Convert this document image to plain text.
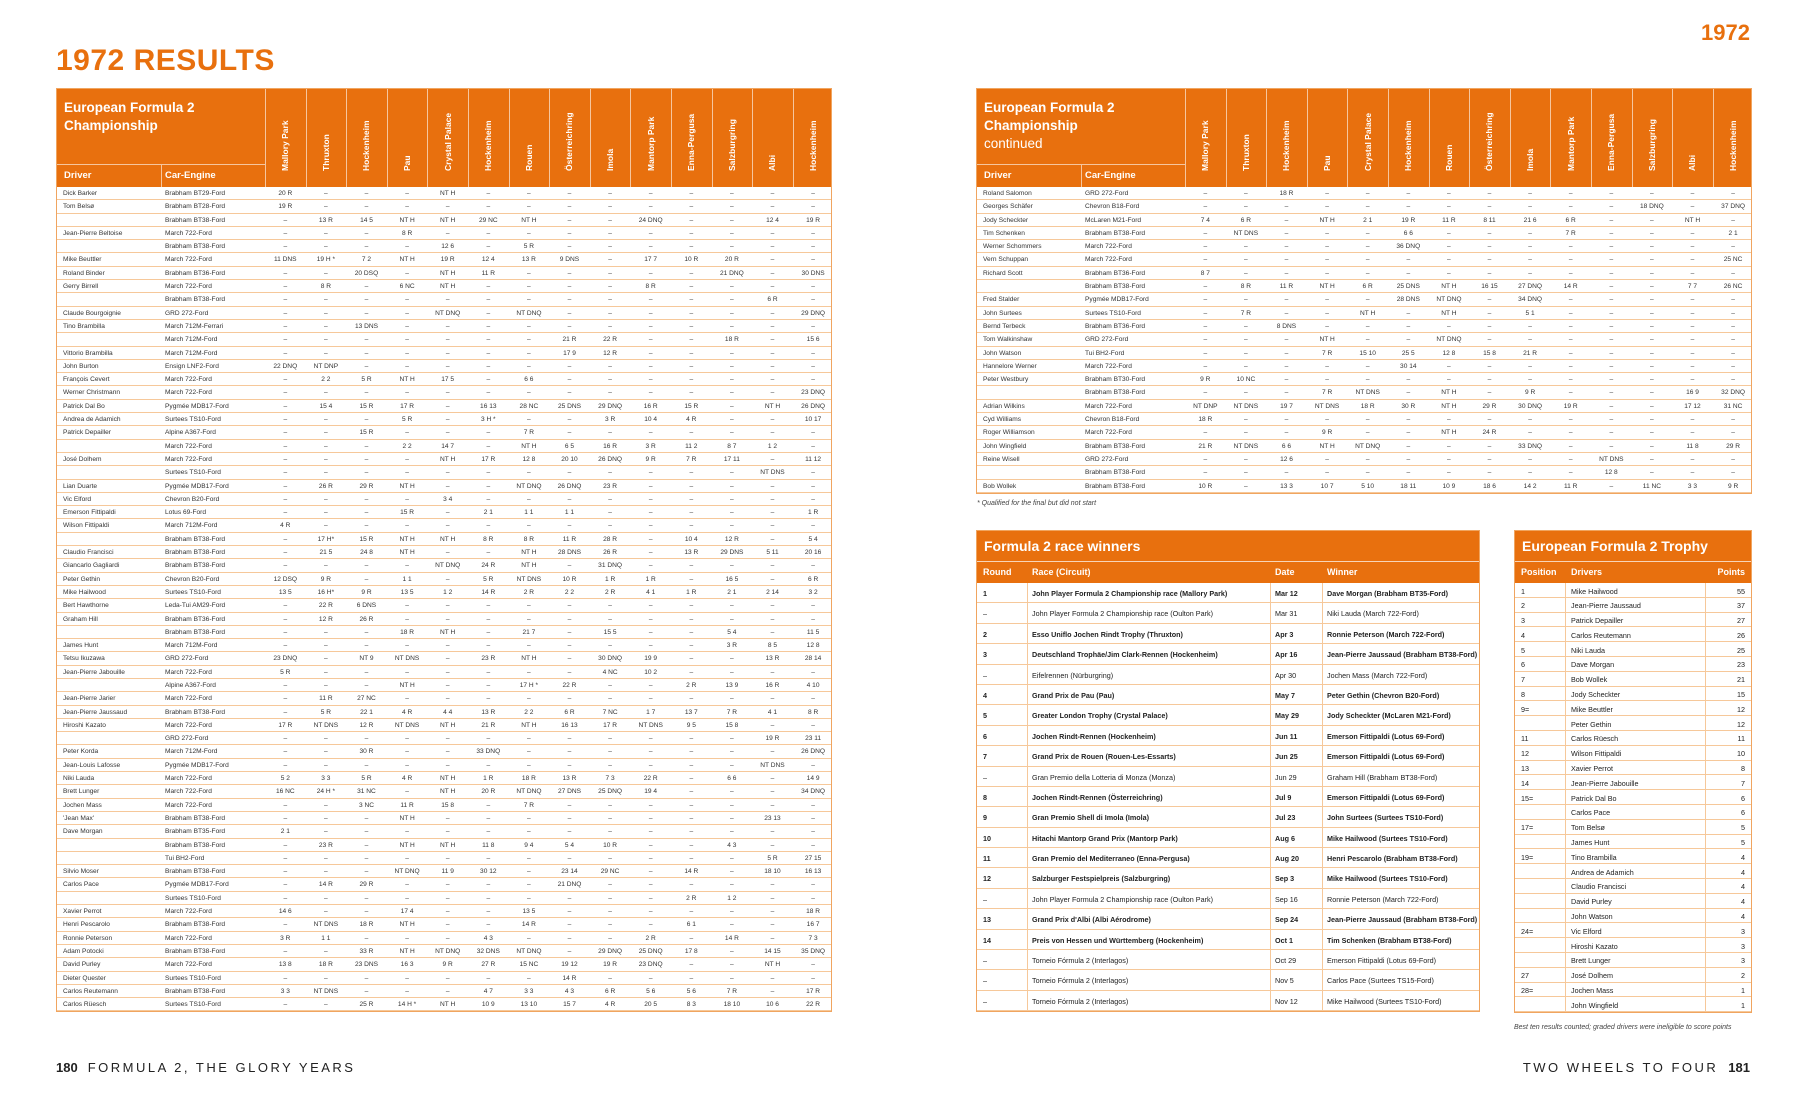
1972 RESULTS
1972
European Formula 2
Championship
Driver	Car-Engine
Mallory Park	Thruxton	Hockenheim	Pau	Crystal Palace	Hockenheim	Rouen	Österreichring	Imola	Mantorp Park	Enna-Pergusa	Salzburgring	Albi	Hockenheim
Dick Barker	Brabham BT29-Ford	20 R	–	–	–	NT H	–	–	–	–	–	–	–	–	–
Tom Belsø	Brabham BT28-Ford	19 R	–	–	–	–	–	–	–	–	–	–	–	–	–
Brabham BT38-Ford	–	13 R	14 5	NT H	NT H	29 NC	NT H	–	–	24 DNQ	–	–	12 4	19 R
Jean-Pierre Beltoise	March 722-Ford	–	–	–	8 R	–	–	–	–	–	–	–	–	–	–
Brabham BT38-Ford	–	–	–	–	12 6	–	5 R	–	–	–	–	–	–	–
Mike Beuttler	March 722-Ford	11 DNS	19 H *	7 2	NT H	19 R	12 4	13 R	9 DNS	–	17 7	10 R	20 R	–	–
Roland Binder	Brabham BT36-Ford	–	–	20 DSQ	–	NT H	11 R	–	–	–	–	–	21 DNQ	–	30 DNS
Gerry Birrell	March 722-Ford	–	8 R	–	6 NC	NT H	–	–	–	–	8 R	–	–	–	–
Brabham BT38-Ford	–	–	–	–	–	–	–	–	–	–	–	–	6 R	–
Claude Bourgoignie	GRD 272-Ford	–	–	–	–	NT DNQ	–	NT DNQ	–	–	–	–	–	–	29 DNQ
Tino Brambilla	March 712M-Ferrari	–	–	13 DNS	–	–	–	–	–	–	–	–	–	–	–
March 712M-Ford	–	–	–	–	–	–	–	21 R	22 R	–	–	18 R	–	15 6
Vittorio Brambilla	March 712M-Ford	–	–	–	–	–	–	–	17 9	12 R	–	–	–	–	–
John Burton	Ensign LNF2-Ford	22 DNQ	NT DNP	–	–	–	–	–	–	–	–	–	–	–	–
François Cevert	March 722-Ford	–	2 2	5 R	NT H	17 5	–	6 6	–	–	–	–	–	–	–
Werner Christmann	March 722-Ford	–	–	–	–	–	–	–	–	–	–	–	–	–	23 DNQ
Patrick Dal Bo	Pygmée MDB17-Ford	–	15 4	15 R	17 R	–	16 13	28 NC	25 DNS	29 DNQ	16 R	15 R	–	NT H	26 DNQ
Andrea de Adamich	Surtees TS10-Ford	–	–	–	5 R	–	3 H *	–	–	3 R	10 4	4 R	–	–	10 17
Patrick Depailler	Alpine A367-Ford	–	–	15 R	–	–	–	7 R	–	–	–	–	–	–	–
March 722-Ford	–	–	–	2 2	14 7	–	NT H	6 5	16 R	3 R	11 2	8 7	1 2	–
José Dolhem	March 722-Ford	–	–	–	–	NT H	17 R	12 8	20 10	26 DNQ	9 R	7 R	17 11	–	11 12
Surtees TS10-Ford	–	–	–	–	–	–	–	–	–	–	–	–	NT DNS	–
Lian Duarte	Pygmée MDB17-Ford	–	26 R	29 R	NT H	–	–	NT DNQ	26 DNQ	23 R	–	–	–	–	–
Vic Elford	Chevron B20-Ford	–	–	–	–	3 4	–	–	–	–	–	–	–	–	–
Emerson Fittipaldi	Lotus 69-Ford	–	–	–	15 R	–	2 1	1 1	1 1	–	–	–	–	–	1 R
Wilson Fittipaldi	March 712M-Ford	4 R	–	–	–	–	–	–	–	–	–	–	–	–	–
Brabham BT38-Ford	–	17 H*	15 R	NT H	NT H	8 R	8 R	11 R	28 R	–	10 4	12 R	–	5 4
Claudio Francisci	Brabham BT38-Ford	–	21 5	24 8	NT H	–	–	NT H	28 DNS	26 R	–	13 R	29 DNS	5 11	20 16
Giancarlo Gagliardi	Brabham BT38-Ford	–	–	–	–	NT DNQ	24 R	NT H	–	31 DNQ	–	–	–	–	–
Peter Gethin	Chevron B20-Ford	12 DSQ	9 R	–	1 1	–	5 R	NT DNS	10 R	1 R	1 R	–	16 5	–	6 R
Mike Hailwood	Surtees TS10-Ford	13 5	16 H*	9 R	13 5	1 2	14 R	2 R	2 2	2 R	4 1	1 R	2 1	2 14	3 2
Bert Hawthorne	Leda-Tui AM29-Ford	–	22 R	6 DNS	–	–	–	–	–	–	–	–	–	–	–
Graham Hill	Brabham BT36-Ford	–	12 R	26 R	–	–	–	–	–	–	–	–	–	–	–
Brabham BT38-Ford	–	–	–	18 R	NT H	–	21 7	–	15 5	–	–	5 4	–	11 5
James Hunt	March 712M-Ford	–	–	–	–	–	–	–	–	–	–	–	3 R	8 5	12 8
Tetsu Ikuzawa	GRD 272-Ford	23 DNQ	–	NT 9	NT DNS	–	23 R	NT H	–	30 DNQ	19 9	–	–	13 R	28 14
Jean-Pierre Jabouille	March 722-Ford	5 R	–	–	–	–	–	–	–	4 NC	10 2	–	–	–	–
Alpine A367-Ford	–	–	–	NT H	–	–	17 H *	22 R	–	–	2 R	13 9	16 R	4 10
Jean-Pierre Jarier	March 722-Ford	–	11 R	27 NC	–	–	–	–	–	–	–	–	–	–	–
Jean-Pierre Jaussaud	Brabham BT38-Ford	–	5 R	22 1	4 R	4 4	13 R	2 2	6 R	7 NC	1 7	13 7	7 R	4 1	8 R
Hiroshi Kazato	March 722-Ford	17 R	NT DNS	12 R	NT DNS	NT H	21 R	NT H	16 13	17 R	NT DNS	9 5	15 8	–	–
GRD 272-Ford	–	–	–	–	–	–	–	–	–	–	–	–	19 R	23 11
Peter Korda	March 712M-Ford	–	–	30 R	–	–	33 DNQ	–	–	–	–	–	–	–	26 DNQ
Jean-Louis Lafosse	Pygmée MDB17-Ford	–	–	–	–	–	–	–	–	–	–	–	–	NT DNS	–
Niki Lauda	March 722-Ford	5 2	3 3	5 R	4 R	NT H	1 R	18 R	13 R	7 3	22 R	–	6 6	–	14 9
Brett Lunger	March 722-Ford	16 NC	24 H *	31 NC	–	NT H	20 R	NT DNQ	27 DNS	25 DNQ	19 4	–	–	–	34 DNQ
Jochen Mass	March 722-Ford	–	–	3 NC	11 R	15 8	–	7 R	–	–	–	–	–	–	–
'Jean Max'	Brabham BT38-Ford	–	–	–	NT H	–	–	–	–	–	–	–	–	23 13	–
Dave Morgan	Brabham BT35-Ford	2 1	–	–	–	–	–	–	–	–	–	–	–	–	–
Brabham BT38-Ford	–	23 R	–	NT H	NT H	11 8	9 4	5 4	10 R	–	–	4 3	–	–
Tui BH2-Ford	–	–	–	–	–	–	–	–	–	–	–	–	5 R	27 15
Silvio Moser	Brabham BT38-Ford	–	–	–	NT DNQ	11 9	30 12	–	23 14	29 NC	–	14 R	–	18 10	16 13
Carlos Pace	Pygmée MDB17-Ford	–	14 R	29 R	–	–	–	–	21 DNQ	–	–	–	–	–	–
Surtees TS10-Ford	–	–	–	–	–	–	–	–	–	–	2 R	1 2	–	–
Xavier Perrot	March 722-Ford	14 6	–	–	17 4	–	–	13 5	–	–	–	–	–	–	18 R
Henri Pescarolo	Brabham BT38-Ford	–	NT DNS	18 R	NT H	–	–	14 R	–	–	–	6 1	–	–	16 7
Ronnie Peterson	March 722-Ford	3 R	1 1	–	–	–	4 3	–	–	–	2 R	–	14 R	–	7 3
Adam Potocki	Brabham BT38-Ford	–	–	33 R	NT H	NT DNQ	32 DNS	NT DNQ	–	29 DNQ	25 DNQ	17 8	–	14 15	35 DNQ
David Purley	March 722-Ford	13 8	18 R	23 DNS	16 3	9 R	27 R	15 NC	19 12	19 R	23 DNQ	–	–	NT H	–
Dieter Quester	Surtees TS10-Ford	–	–	–	–	–	–	–	14 R	–	–	–	–	–	–
Carlos Reutemann	Brabham BT38-Ford	3 3	NT DNS	–	–	–	4 7	3 3	4 3	6 R	5 6	5 6	7 R	–	17 R
Carlos Rüesch	Surtees TS10-Ford	–	–	25 R	14 H *	NT H	10 9	13 10	15 7	4 R	20 5	8 3	18 10	10 6	22 R
European Formula 2
Championship
continued
Driver	Car-Engine
Mallory Park	Thruxton	Hockenheim	Pau	Crystal Palace	Hockenheim	Rouen	Österreichring	Imola	Mantorp Park	Enna-Pergusa	Salzburgring	Albi	Hockenheim
Roland Salomon	GRD 272-Ford	–	–	18 R	–	–	–	–	–	–	–	–	–	–	–
Georges Schäfer	Chevron B18-Ford	–	–	–	–	–	–	–	–	–	–	–	18 DNQ	–	37 DNQ
Jody Scheckter	McLaren M21-Ford	7 4	6 R	–	NT H	2 1	19 R	11 R	8 11	21 6	6 R	–	–	NT H	–
Tim Schenken	Brabham BT38-Ford	–	NT DNS	–	–	–	6 6	–	–	–	7 R	–	–	–	2 1
Werner Schommers	March 722-Ford	–	–	–	–	–	36 DNQ	–	–	–	–	–	–	–	–
Vern Schuppan	March 722-Ford	–	–	–	–	–	–	–	–	–	–	–	–	–	25 NC
Richard Scott	Brabham BT36-Ford	8 7	–	–	–	–	–	–	–	–	–	–	–	–	–
Brabham BT38-Ford	–	8 R	11 R	NT H	6 R	25 DNS	NT H	16 15	27 DNQ	14 R	–	–	7 7	26 NC
Fred Stalder	Pygmée MDB17-Ford	–	–	–	–	–	28 DNS	NT DNQ	–	34 DNQ	–	–	–	–	–
John Surtees	Surtees TS10-Ford	–	7 R	–	–	NT H	–	NT H	–	5 1	–	–	–	–	–
Bernd Terbeck	Brabham BT36-Ford	–	–	8 DNS	–	–	–	–	–	–	–	–	–	–	–
Tom Walkinshaw	GRD 272-Ford	–	–	–	NT H	–	–	NT DNQ	–	–	–	–	–	–	–
John Watson	Tui BH2-Ford	–	–	–	7 R	15 10	25 5	12 8	15 8	21 R	–	–	–	–	–
Hannelore Werner	March 722-Ford	–	–	–	–	–	30 14	–	–	–	–	–	–	–	–
Peter Westbury	Brabham BT30-Ford	9 R	10 NC	–	–	–	–	–	–	–	–	–	–	–	–
Brabham BT38-Ford	–	–	–	7 R	NT DNS	–	NT H	–	9 R	–	–	–	16 9	32 DNQ
Adrian Wilkins	March 722-Ford	NT DNP	NT DNS	19 7	NT DNS	18 R	30 R	NT H	29 R	30 DNQ	19 R	–	–	17 12	31 NC
Cyd Williams	Chevron B18-Ford	18 R	–	–	–	–	–	–	–	–	–	–	–	–	–
Roger Williamson	March 722-Ford	–	–	–	9 R	–	–	NT H	24 R	–	–	–	–	–	–
John Wingfield	Brabham BT38-Ford	21 R	NT DNS	6 6	NT H	NT DNQ	–	–	–	33 DNQ	–	–	–	11 8	29 R
Reine Wisell	GRD 272-Ford	–	–	12 6	–	–	–	–	–	–	–	NT DNS	–	–	–
Brabham BT38-Ford	–	–	–	–	–	–	–	–	–	–	12 8	–	–	–
Bob Wollek	Brabham BT38-Ford	10 R	–	13 3	10 7	5 10	18 11	10 9	18 6	14 2	11 R	–	11 NC	3 3	9 R
* Qualified for the final but did not start
Formula 2 race winners
Round Race (Circuit)	Date	Winner
1	John Player Formula 2 Championship race (Mallory Park)	Mar 12	Dave Morgan (Brabham BT35-Ford)
–	John Player Formula 2 Championship race (Oulton Park)	Mar 31	Niki Lauda (March 722-Ford)
2	Esso Uniflo Jochen Rindt Trophy (Thruxton)	Apr 3	Ronnie Peterson (March 722-Ford)
3	Deutschland Trophäe/Jim Clark-Rennen (Hockenheim)	Apr 16	Jean-Pierre Jaussaud (Brabham BT38-Ford)
–	Eifelrennen (Nürburgring)	Apr 30	Jochen Mass (March 722-Ford)
4	Grand Prix de Pau (Pau)	May 7	Peter Gethin (Chevron B20-Ford)
5	Greater London Trophy (Crystal Palace)	May 29	Jody Scheckter (McLaren M21-Ford)
6	Jochen Rindt-Rennen (Hockenheim)	Jun 11	Emerson Fittipaldi (Lotus 69-Ford)
7	Grand Prix de Rouen (Rouen-Les-Essarts)	Jun 25	Emerson Fittipaldi (Lotus 69-Ford)
–	Gran Premio della Lotteria di Monza (Monza)	Jun 29	Graham Hill (Brabham BT38-Ford)
8	Jochen Rindt-Rennen (Österreichring)	Jul 9	Emerson Fittipaldi (Lotus 69-Ford)
9	Gran Premio Shell di Imola (Imola)	Jul 23	John Surtees (Surtees TS10-Ford)
10	Hitachi Mantorp Grand Prix (Mantorp Park)	Aug 6	Mike Hailwood (Surtees TS10-Ford)
11	Gran Premio del Mediterraneo (Enna-Pergusa)	Aug 20	Henri Pescarolo (Brabham BT38-Ford)
12	Salzburger Festspielpreis (Salzburgring)	Sep 3	Mike Hailwood (Surtees TS10-Ford)
–	John Player Formula 2 Championship race (Oulton Park)	Sep 16	Ronnie Peterson (March 722-Ford)
13	Grand Prix d'Albi (Albi Aérodrome)	Sep 24	Jean-Pierre Jaussaud (Brabham BT38-Ford)
14	Preis von Hessen und Württemberg (Hockenheim)	Oct 1	Tim Schenken (Brabham BT38-Ford)
–	Torneio Fórmula 2 (Interlagos)	Oct 29	Emerson Fittipaldi (Lotus 69-Ford)
–	Torneio Fórmula 2 (Interlagos)	Nov 5	Carlos Pace (Surtees TS15-Ford)
–	Torneio Fórmula 2 (Interlagos)	Nov 12	Mike Hailwood (Surtees TS10-Ford)
European Formula 2 Trophy
Position Drivers	Points
1	Mike Hailwood	55
2	Jean-Pierre Jaussaud	37
3	Patrick Depailler	27
4	Carlos Reutemann	26
5	Niki Lauda	25
6	Dave Morgan	23
7	Bob Wollek	21
8	Jody Scheckter	15
9=	Mike Beuttler	12
Peter Gethin	12
11	Carlos Rüesch	11
12	Wilson Fittipaldi	10
13	Xavier Perrot	8
14	Jean-Pierre Jabouille	7
15=	Patrick Dal Bo	6
Carlos Pace	6
17=	Tom Belsø	5
James Hunt	5
19=	Tino Brambilla	4
Andrea de Adamich	4
Claudio Francisci	4
David Purley	4
John Watson	4
24=	Vic Elford	3
Hiroshi Kazato	3
Brett Lunger	3
27	José Dolhem	2
28=	Jochen Mass	1
John Wingfield	1
Best ten results counted; graded drivers were ineligible to score points
180 FORMULA 2, THE GLORY YEARS	TWO WHEELS TO FOUR 181
